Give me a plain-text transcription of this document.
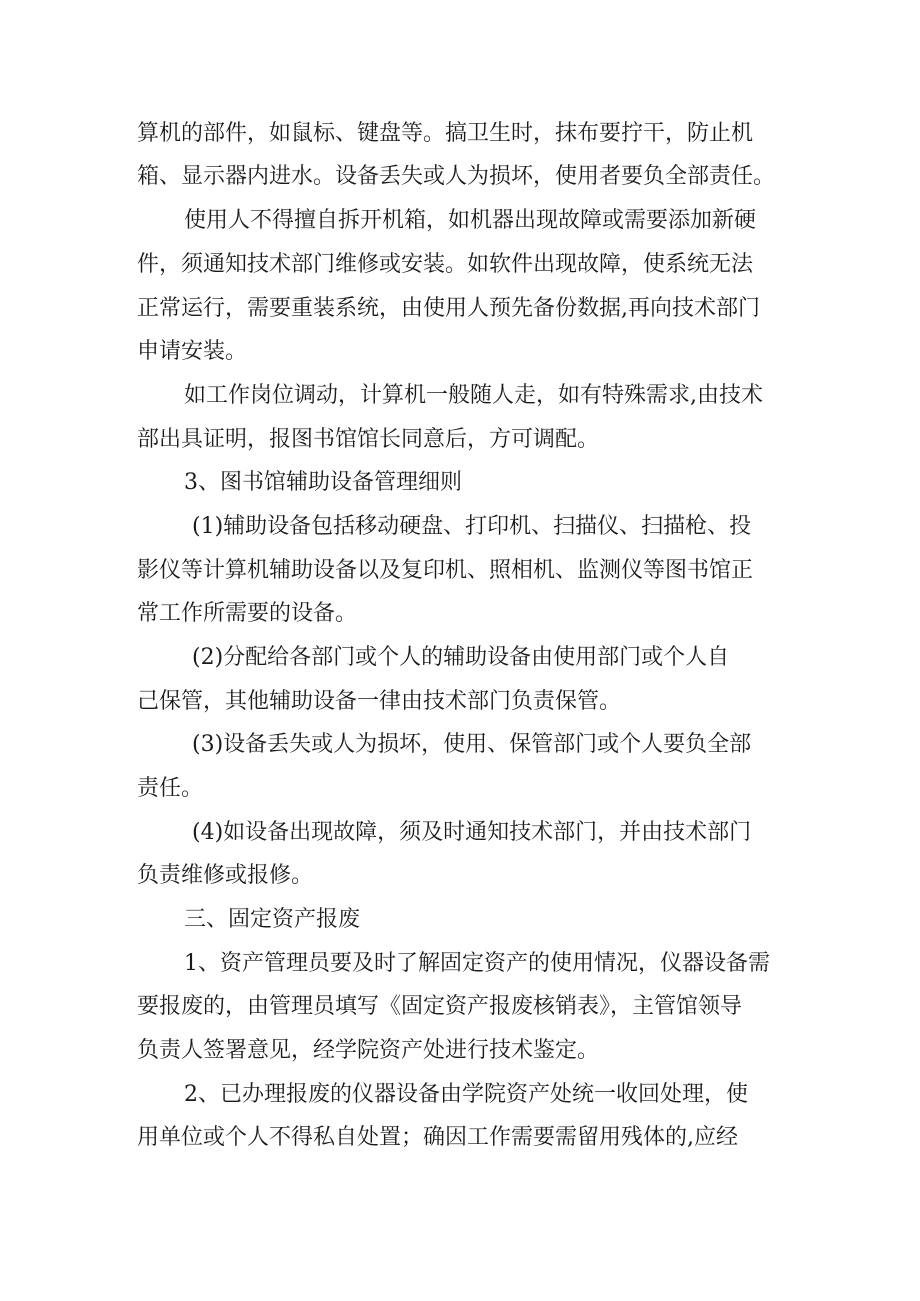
算机的部件，如鼠标、键盘等。搞卫生时，抹布要拧干，防止机
箱、显示器内进水。设备丢失或人为损坏，使用者要负全部责任。
使用人不得擅自拆开机箱，如机器出现故障或需要添加新硬
件，须通知技术部门维修或安装。如软件出现故障，使系统无法
正常运行，需要重装系统，由使用人预先备份数据,再向技术部门
申请安装。
如工作岗位调动，计算机一般随人走，如有特殊需求,由技术
部出具证明，报图书馆馆长同意后，方可调配。
3、图书馆辅助设备管理细则
(1)辅助设备包括移动硬盘、打印机、扫描仪、扫描枪、投
影仪等计算机辅助设备以及复印机、照相机、监测仪等图书馆正
常工作所需要的设备。
(2)分配给各部门或个人的辅助设备由使用部门或个人自
己保管，其他辅助设备一律由技术部门负责保管。
(3)设备丢失或人为损坏，使用、保管部门或个人要负全部
责任。
(4)如设备出现故障，须及时通知技术部门，并由技术部门
负责维修或报修。
三、固定资产报废
1、资产管理员要及时了解固定资产的使用情况，仪器设备需
要报废的，由管理员填写《固定资产报废核销表》，主管馆领导
负责人签署意见，经学院资产处进行技术鉴定。
2、已办理报废的仪器设备由学院资产处统一收回处理，使
用单位或个人不得私自处置；确因工作需要需留用残体的,应经
